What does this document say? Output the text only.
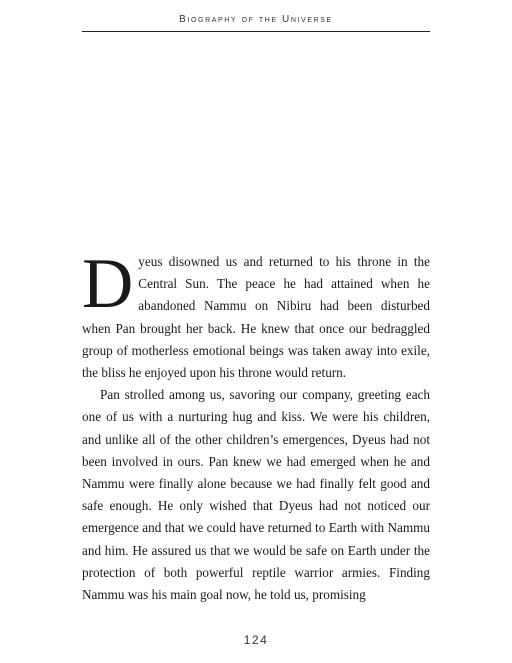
Biography of the Universe

Dyeus disowned us and returned to his throne in the Central Sun. The peace he had attained when he abandoned Nammu on Nibiru had been disturbed when Pan brought her back. He knew that once our bedraggled group of motherless emotional beings was taken away into exile, the bliss he enjoyed upon his throne would return.

Pan strolled among us, savoring our company, greeting each one of us with a nurturing hug and kiss. We were his children, and unlike all of the other children’s emergences, Dyeus had not been involved in ours. Pan knew we had emerged when he and Nammu were finally alone because we had finally felt good and safe enough. He only wished that Dyeus had not noticed our emergence and that we could have returned to Earth with Nammu and him. He assured us that we would be safe on Earth under the protection of both powerful reptile warrior armies. Finding Nammu was his main goal now, he told us, promising

124
